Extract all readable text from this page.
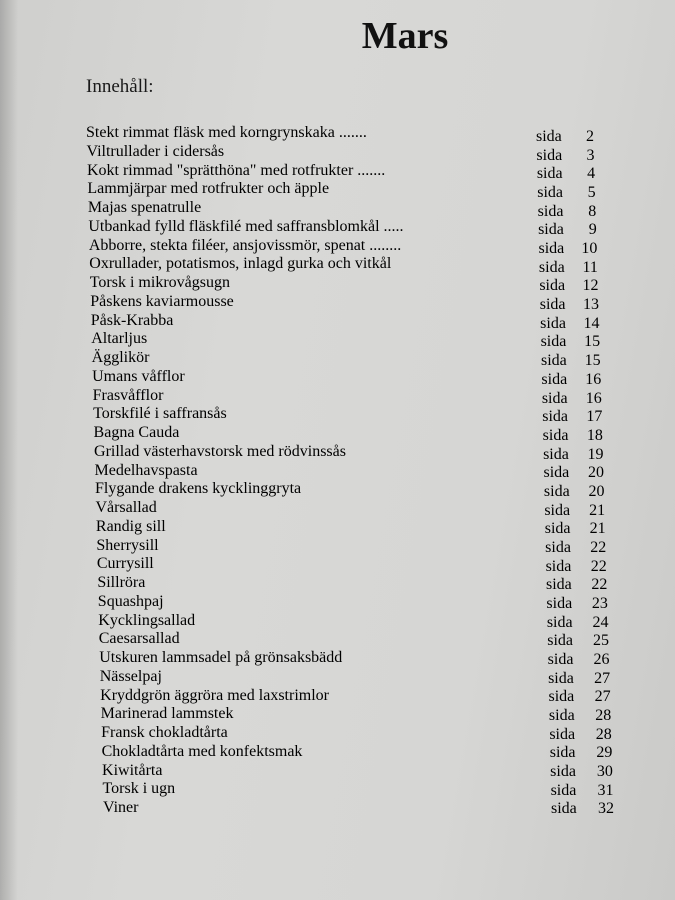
Mars
Innehåll:
Stekt rimmat fläsk med korngrynskaka .......	sida	2
Viltrullader i cidersås	sida	3
Kokt rimmad "sprätthöna" med rotfrukter .......	sida	4
Lammjärpar med rotfrukter och äpple	sida	5
Majas spenatrulle	sida	8
Utbankad fylld fläskfilé med saffransblomkål .....	sida	9
Abborre, stekta filéer, ansjovissmör, spenat ........	sida	10
Oxrullader, potatismos, inlagd gurka och vitkål	sida	11
Torsk i mikrovågsugn	sida	12
Påskens kaviarmousse	sida	13
Påsk-Krabba	sida	14
Altarljus	sida	15
Ägglikör	sida	15
Umans våfflor	sida	16
Frasvåfflor	sida	16
Torskfilé i saffransås	sida	17
Bagna Cauda	sida	18
Grillad västerhavstorsk med rödvinssås	sida	19
Medelhavspasta	sida	20
Flygande drakens kycklinggryta	sida	20
Vårsallad	sida	21
Randig sill	sida	21
Sherrysill	sida	22
Currysill	sida	22
Sillröra	sida	22
Squashpaj	sida	23
Kycklingsallad	sida	24
Caesarsallad	sida	25
Utskuren lammsadel på grönsaksbädd	sida	26
Nässelpaj	sida	27
Kryddgrön äggröra med laxstrimlor	sida	27
Marinerad lammstek	sida	28
Fransk chokladtårta	sida	28
Chokladtårta med konfektsmak	sida	29
Kiwitårta	sida	30
Torsk i ugn	sida	31
Viner	sida	32
